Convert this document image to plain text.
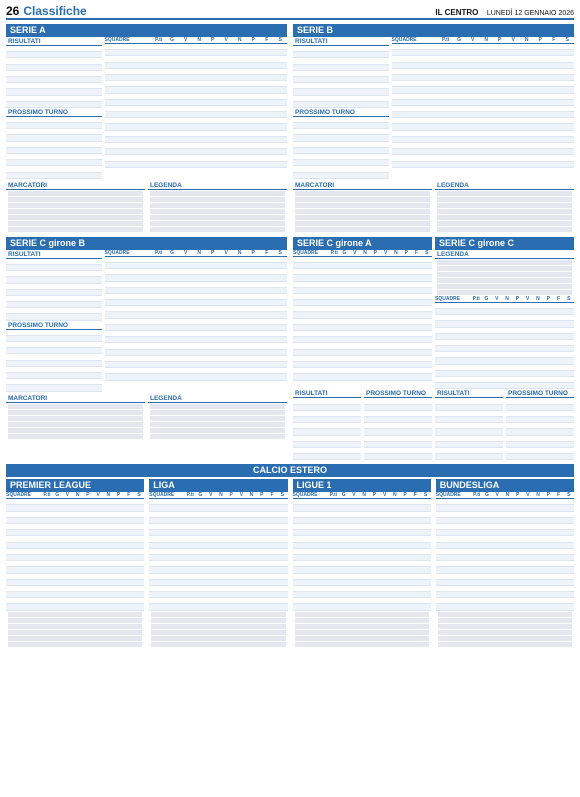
26 Classifiche	IL CENTRO LUNEDÌ 12 GENNAIO 2026
SERIE A
RISULTATI
PROSSIMO TURNO
SQUADRE	P.ti	G	V	N	P	V	N	P	F	S
MARCATORI	LEGENDA
SERIE B
RISULTATI
PROSSIMO TURNO
SQUADRE	P.ti	G	V	N	P	V	N	P	F	S
MARCATORI	LEGENDA
SERIE C girone B
RISULTATI
PROSSIMO TURNO
SQUADRE	P.ti	G	V	N	P	V	N	P	F	S
MARCATORI	LEGENDA
SERIE C girone A
SQUADRE	P.ti G	V	N	P	V	N	P	F	S
SERIE C girone C
LEGENDA
SQUADRE	P.ti G	V	N	P	V	N	P	F	S
RISULTATI	PROSSIMO TURNO	RISULTATI	PROSSIMO TURNO
CALCIO ESTERO
PREMIER LEAGUE
SQUADRE	P.ti G	V	N	P	V	N	P	F	S
LIGA
SQUADRE	P.ti G	V	N	P	V	N	P	F	S
LIGUE 1
SQUADRE	P.ti G	V	N	P	V	N	P	F	S
BUNDESLIGA
SQUADRE	P.ti G	V	N	P	V	N	P	F	S
